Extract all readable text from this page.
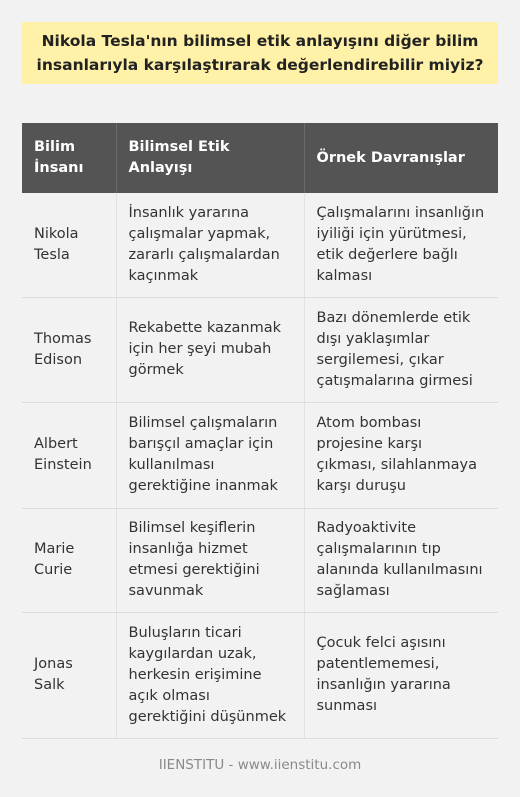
Nikola Tesla'nın bilimsel etik anlayışını diğer bilim insanlarıyla karşılaştırarak değerlendirebilir miyiz?
Bilim İnsanı	Bilimsel Etik Anlayışı	Örnek Davranışlar
Nikola Tesla	İnsanlık yararına çalışmalar yapmak, zararlı çalışmalardan kaçınmak	Çalışmalarını insanlığın iyiliği için yürütmesi, etik değerlere bağlı kalması
Thomas Edison	Rekabette kazanmak için her şeyi mubah görmek	Bazı dönemlerde etik dışı yaklaşımlar sergilemesi, çıkar çatışmalarına girmesi
Albert Einstein	Bilimsel çalışmaların barışçıl amaçlar için kullanılması gerektiğine inanmak	Atom bombası projesine karşı çıkması, silahlanmaya karşı duruşu
Marie Curie	Bilimsel keşiflerin insanlığa hizmet etmesi gerektiğini savunmak	Radyoaktivite çalışmalarının tıp alanında kullanılmasını sağlaması
Jonas Salk	Buluşların ticari kaygılardan uzak, herkesin erişimine açık olması gerektiğini düşünmek	Çocuk felci aşısını patentlememesi, insanlığın yararına sunması
IIENSTITU - www.iienstitu.com
